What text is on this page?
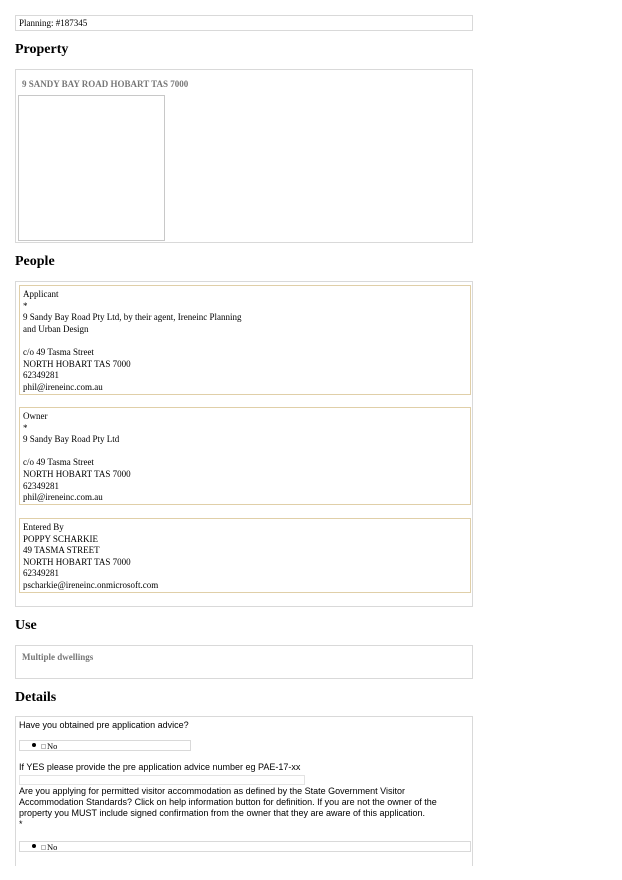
Planning: #187345
Property
9 SANDY BAY ROAD HOBART TAS 7000
People
Applicant
*
9 Sandy Bay Road Pty Ltd, by their agent, Ireneinc Planning
and Urban Design
c/o 49 Tasma Street
NORTH HOBART TAS 7000
62349281
phil@ireneinc.com.au
Owner
*
9 Sandy Bay Road Pty Ltd
c/o 49 Tasma Street
NORTH HOBART TAS 7000
62349281
phil@ireneinc.com.au
Entered By
POPPY SCHARKIE
49 TASMA STREET
NORTH HOBART TAS 7000
62349281
pscharkie@ireneinc.onmicrosoft.com
Use
Multiple dwellings
Details
Have you obtained pre application advice?
No
If YES please provide the pre application advice number eg PAE-17-xx
Are you applying for permitted visitor accommodation as defined by the State Government Visitor Accommodation Standards? Click on help information button for definition. If you are not the owner of the property you MUST include signed confirmation from the owner that they are aware of this application.
*
No
